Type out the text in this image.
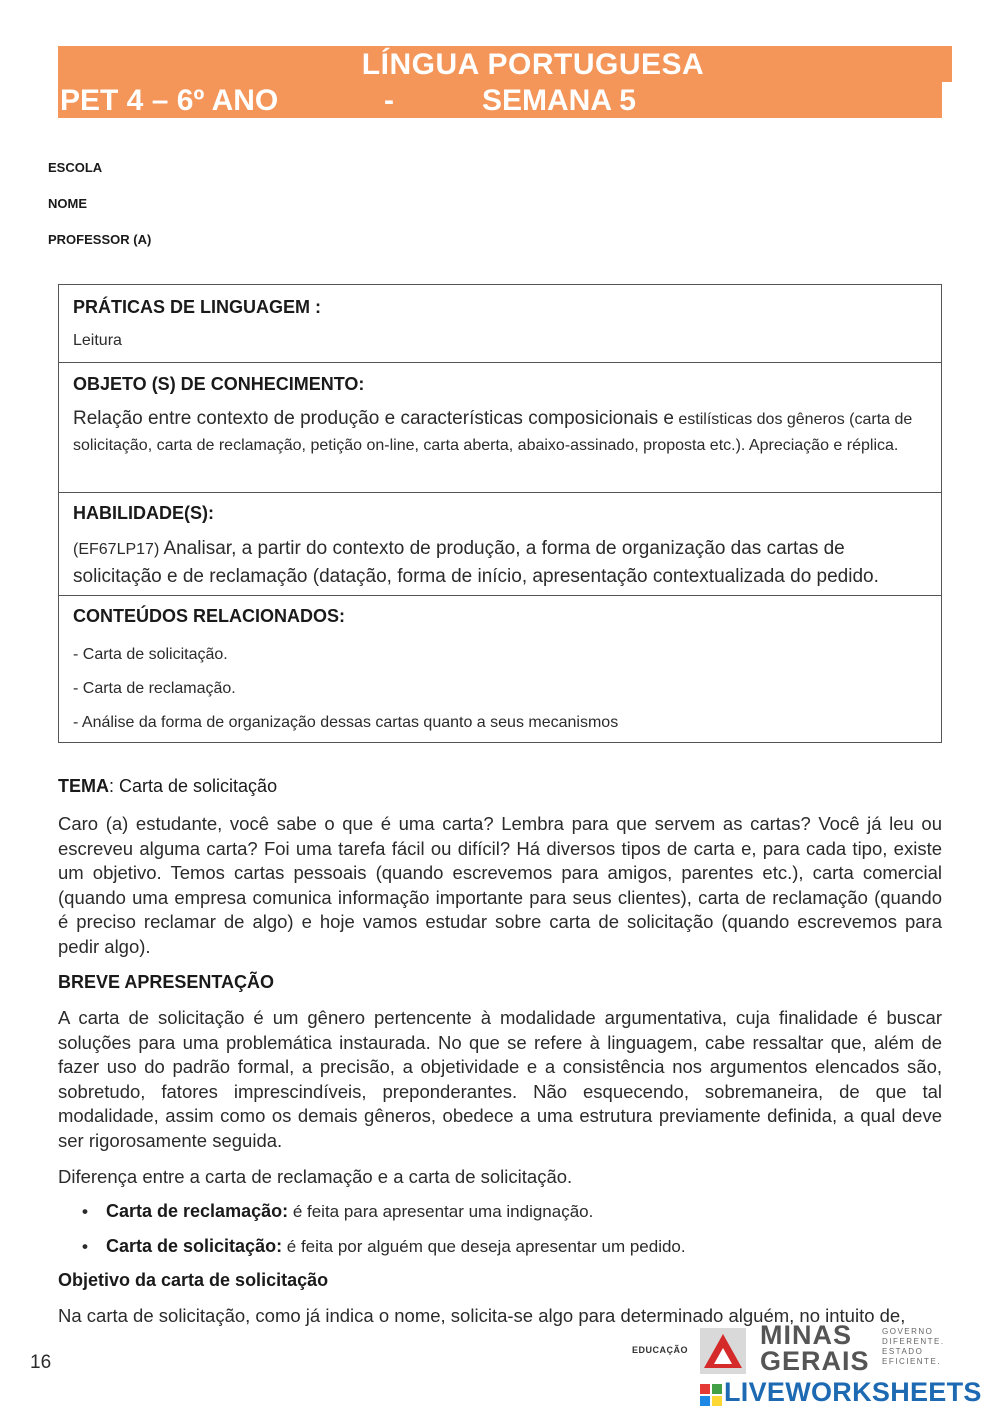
LÍNGUA PORTUGUESA
PET 4 – 6º ANO	-	SEMANA 5
ESCOLA
NOME
PROFESSOR (A)
PRÁTICAS DE LINGUAGEM :
Leitura
OBJETO (S) DE CONHECIMENTO:
Relação entre contexto de produção e características composicionais e estilísticas dos gêneros (carta de solicitação, carta de reclamação, petição on-line, carta aberta, abaixo-assinado, proposta etc.). Apreciação e réplica.
HABILIDADE(S):
(EF67LP17) Analisar, a partir do contexto de produção, a forma de organização das cartas de solicitação e de reclamação (datação, forma de início, apresentação contextualizada do pedido.
CONTEÚDOS RELACIONADOS:
- Carta de solicitação.
- Carta de reclamação.
- Análise da forma de organização dessas cartas quanto a seus mecanismos
TEMA: Carta de solicitação
Caro (a) estudante, você sabe o que é uma carta? Lembra para que servem as cartas? Você já leu ou escreveu alguma carta? Foi uma tarefa fácil ou difícil? Há diversos tipos de carta e, para cada tipo, existe um objetivo. Temos cartas pessoais (quando escrevemos para amigos, parentes etc.), carta comercial (quando uma empresa comunica informação importante para seus clientes), carta de reclamação (quando é preciso reclamar de algo) e hoje vamos estudar sobre carta de solicitação (quando escrevemos para pedir algo).
BREVE APRESENTAÇÃO
A carta de solicitação é um gênero pertencente à modalidade argumentativa, cuja finalidade é buscar soluções para uma problemática instaurada. No que se refere à linguagem, cabe ressaltar que, além de fazer uso do padrão formal, a precisão, a objetividade e a consistência nos argumentos elencados são, sobretudo, fatores imprescindíveis, preponderantes. Não esquecendo, sobremaneira, de que tal modalidade, assim como os demais gêneros, obedece a uma estrutura previamente definida, a qual deve ser rigorosamente seguida.
Diferença entre a carta de reclamação e a carta de solicitação.
• Carta de reclamação: é feita para apresentar uma indignação.
• Carta de solicitação: é feita por alguém que deseja apresentar um pedido.
Objetivo da carta de solicitação
Na carta de solicitação, como já indica o nome, solicita-se algo para determinado alguém, no intuito de,
16
EDUCAÇÃO	MINAS
GERAIS
GOVERNO
DIFERENTE.
ESTADO
EFICIENTE.
LIVEWORKSHEETS
